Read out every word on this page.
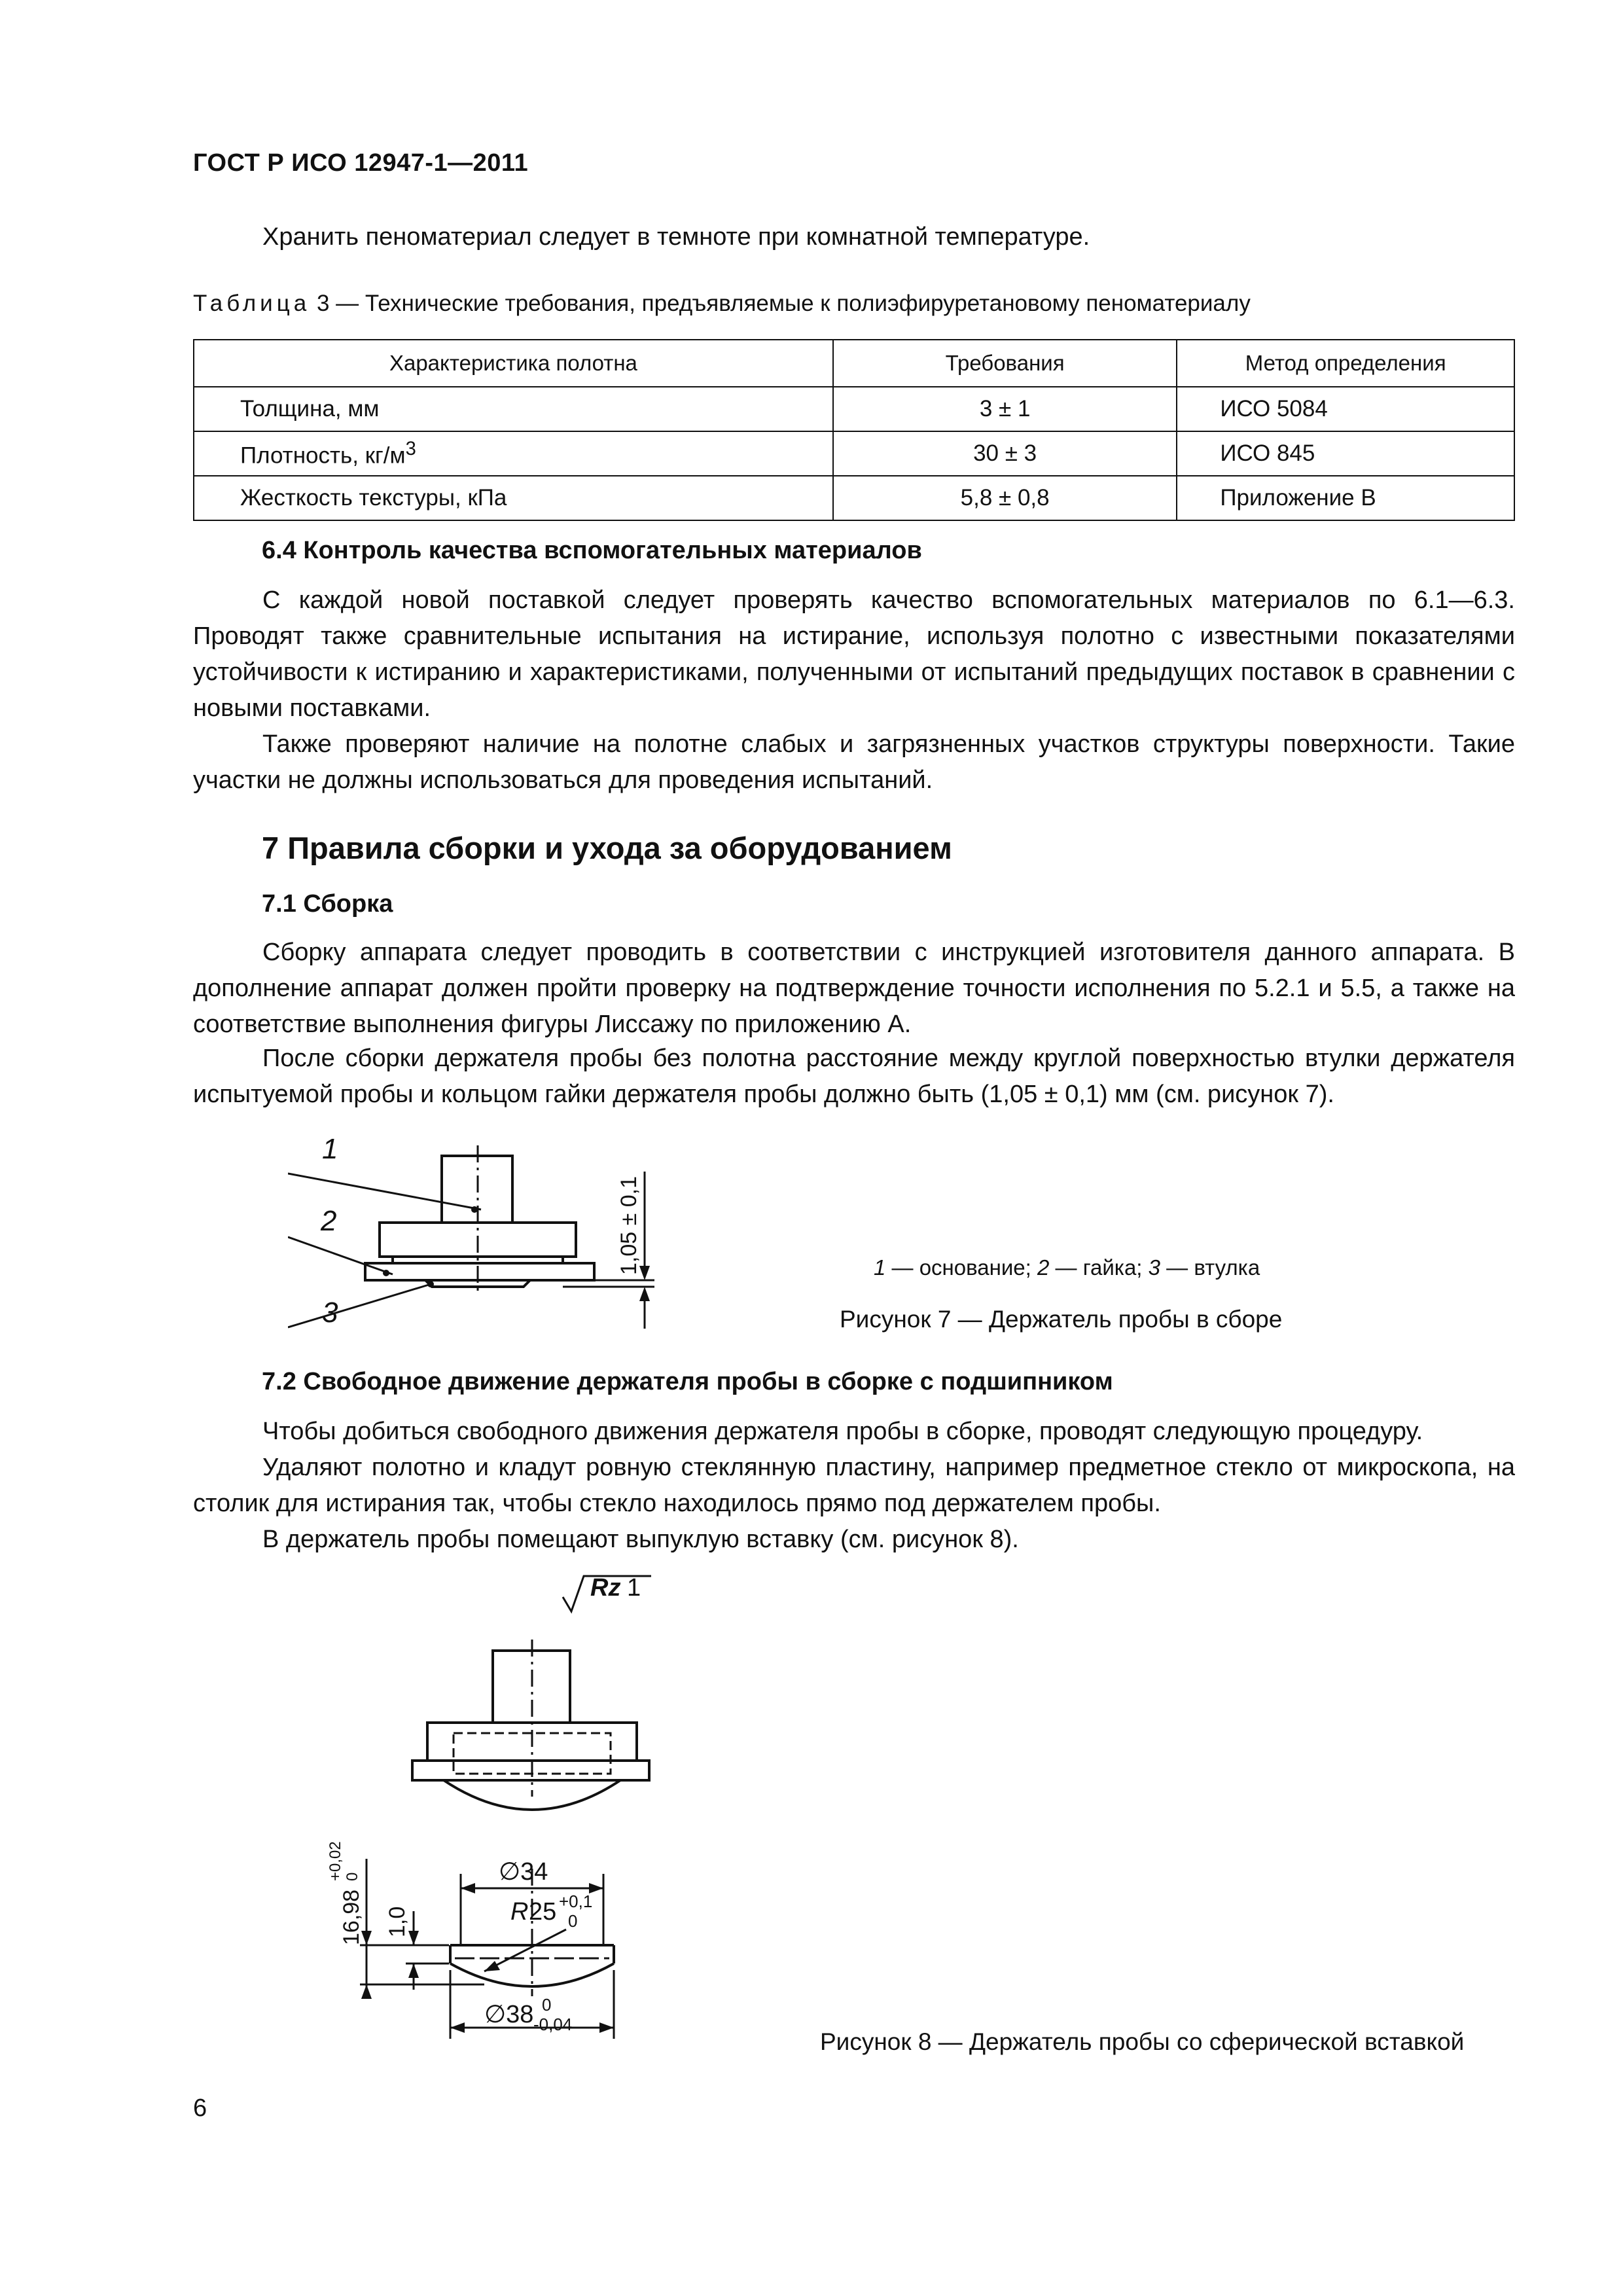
ГОСТ Р ИСО 12947-1—2011
Хранить пеноматериал следует в темноте при комнатной температуре.
Таблица 3 — Технические требования, предъявляемые к полиэфируретановому пеноматериалу
Характеристика полотна	Требования	Метод определения
Толщина, мм	3 ± 1	ИСО 5084
Плотность, $кг/м^3$	30 ± 3	ИСО 845
Жесткость текстуры, кПа	5,8 ± 0,8	Приложение В
6.4 Контроль качества вспомогательных материалов
С каждой новой поставкой следует проверять качество вспомогательных материалов по 6.1—6.3. Проводят также сравнительные испытания на истирание, используя полотно с известными показателями устойчивости к истиранию и характеристиками, полученными от испытаний предыдущих поставок в сравнении с новыми поставками.
Также проверяют наличие на полотне слабых и загрязненных участков структуры поверхности. Такие участки не должны использоваться для проведения испытаний.
7 Правила сборки и ухода за оборудованием
7.1 Сборка
Сборку аппарата следует проводить в соответствии с инструкцией изготовителя данного аппарата. В дополнение аппарат должен пройти проверку на подтверждение точности исполнения по 5.2.1 и 5.5, а также на соответствие выполнения фигуры Лиссажу по приложению А.
После сборки держателя пробы без полотна расстояние между круглой поверхностью втулки держателя испытуемой пробы и кольцом гайки держателя пробы должно быть (1,05 ± 0,1) мм (см. рисунок 7).
1
2
3
1,05 ± 0,1	1 — основание; 2 — гайка; 3 — втулка
Рисунок 7 — Держатель пробы в сборе
7.2 Свободное движение держателя пробы в сборке с подшипником
Чтобы добиться свободного движения держателя пробы в сборке, проводят следующую процедуру.
Удаляют полотно и кладут ровную стеклянную пластину, например предметное стекло от микроскопа, на столик для истирания так, чтобы стекло находилось прямо под держателем пробы.
В держатель пробы помещают выпуклую вставку (см. рисунок 8).
Rz 1
∅34
R 25 +0,1
0
∅38 0
-0,04
16,98
+0,02 0
1,0
Рисунок 8 — Держатель пробы со сферической вставкой
6
